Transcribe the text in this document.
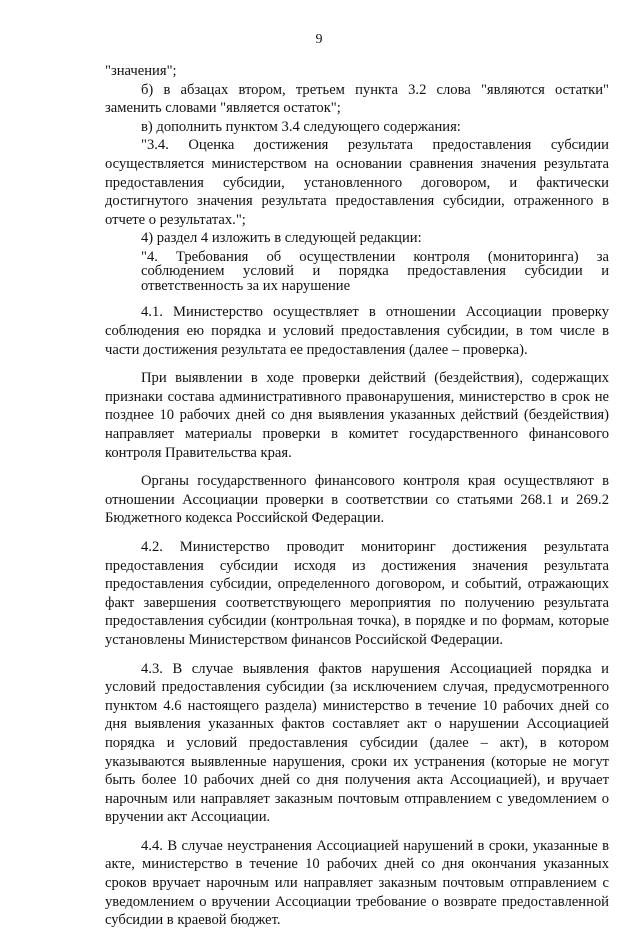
9

"значения";

б) в абзацах втором, третьем пункта 3.2 слова "являются остатки" заменить словами "является остаток";

в) дополнить пунктом 3.4 следующего содержания:

"3.4. Оценка достижения результата предоставления субсидии осуществляется министерством на основании сравнения значения результата предоставления субсидии, установленного договором, и фактически достигнутого значения результата предоставления субсидии, отраженного в отчете о результатах.";

4) раздел 4 изложить в следующей редакции:

"4. Требования об осуществлении контроля (мониторинга) за соблюдением условий и порядка предоставления субсидии и ответственность за их нарушение

4.1. Министерство осуществляет в отношении Ассоциации проверку соблюдения ею порядка и условий предоставления субсидии, в том числе в части достижения результата ее предоставления (далее – проверка).

При выявлении в ходе проверки действий (бездействия), содержащих признаки состава административного правонарушения, министерство в срок не позднее 10 рабочих дней со дня выявления указанных действий (бездействия) направляет материалы проверки в комитет государственного финансового контроля Правительства края.

Органы государственного финансового контроля края осуществляют в отношении Ассоциации проверки в соответствии со статьями 268.1 и 269.2 Бюджетного кодекса Российской Федерации.

4.2. Министерство проводит мониторинг достижения результата предоставления субсидии исходя из достижения значения результата предоставления субсидии, определенного договором, и событий, отражающих факт завершения соответствующего мероприятия по получению результата предоставления субсидии (контрольная точка), в порядке и по формам, которые установлены Министерством финансов Российской Федерации.

4.3. В случае выявления фактов нарушения Ассоциацией порядка и условий предоставления субсидии (за исключением случая, предусмотренного пунктом 4.6 настоящего раздела) министерство в течение 10 рабочих дней со дня выявления указанных фактов составляет акт о нарушении Ассоциацией порядка и условий предоставления субсидии (далее – акт), в котором указываются выявленные нарушения, сроки их устранения (которые не могут быть более 10 рабочих дней со дня получения акта Ассоциацией), и вручает нарочным или направляет заказным почтовым отправлением с уведомлением о вручении акт Ассоциации.

4.4. В случае неустранения Ассоциацией нарушений в сроки, указанные в акте, министерство в течение 10 рабочих дней со дня окончания указанных сроков вручает нарочным или направляет заказным почтовым отправлением с уведомлением о вручении Ассоциации требование о возврате предоставленной субсидии в краевой бюджет.
